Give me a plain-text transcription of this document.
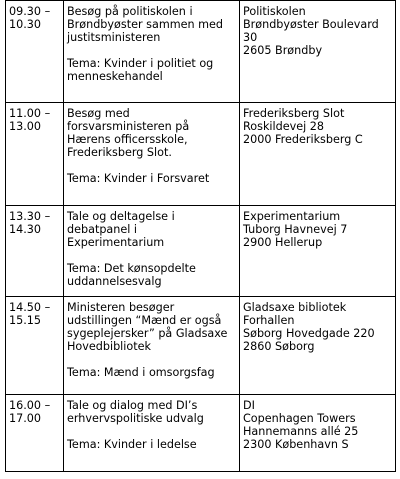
09.30 –
10.30	Besøg på politiskolen i
Brøndbyøster sammen med
justitsministeren
Tema: Kvinder i politiet og
menneskehandel	Politiskolen
Brøndbyøster Boulevard
30
2605 Brøndby

11.00 –
13.00	Besøg med
forsvarsministeren på
Hærens officersskole,
Frederiksberg Slot.
Tema: Kvinder i Forsvaret	Frederiksberg Slot
Roskildevej 28
2000 Frederiksberg C

13.30 –
14.30	Tale og deltagelse i
debatpanel i
Experimentarium
Tema: Det kønsopdelte
uddannelsesvalg	Experimentarium
Tuborg Havnevej 7
2900 Hellerup

14.50 –
15.15	Ministeren besøger
udstillingen “Mænd er også
sygeplejersker” på Gladsaxe
Hovedbibliotek
Tema: Mænd i omsorgsfag	Gladsaxe bibliotek
Forhallen
Søborg Hovedgade 220
2860 Søborg

16.00 –
17.00	Tale og dialog med DI’s
erhvervspolitiske udvalg
Tema: Kvinder i ledelse	DI
Copenhagen Towers
Hannemanns allé 25
2300 København S
